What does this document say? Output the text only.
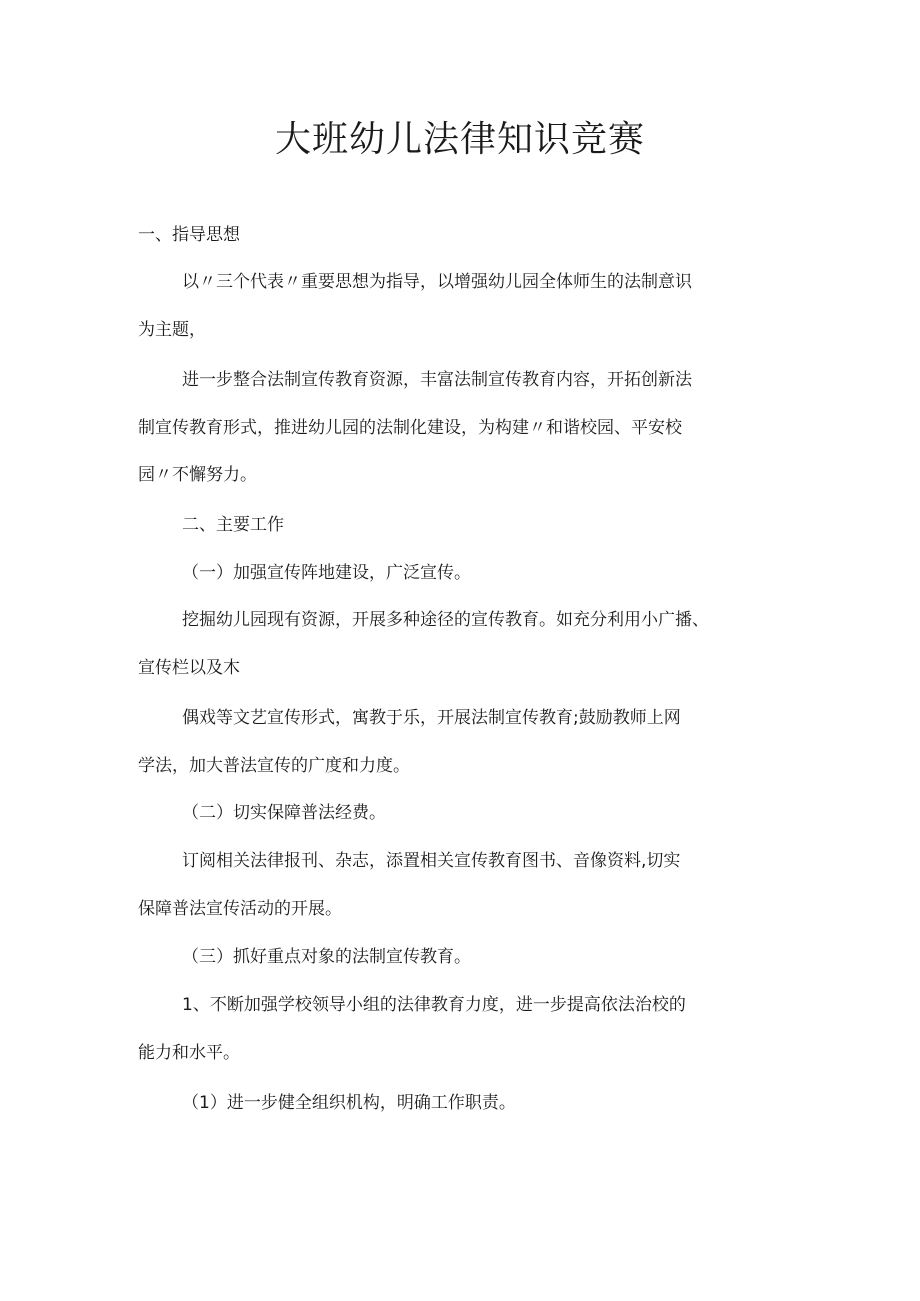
大班幼儿法律知识竞赛

一、指导思想

以〃三个代表〃重要思想为指导，以增强幼儿园全体师生的法制意识

为主题，

进一步整合法制宣传教育资源，丰富法制宣传教育内容，开拓创新法

制宣传教育形式，推进幼儿园的法制化建设，为构建〃和谐校园、平安校

园〃不懈努力。

二、主要工作

（一）加强宣传阵地建设，广泛宣传。

挖掘幼儿园现有资源，开展多种途径的宣传教育。如充分利用小广播、

宣传栏以及木

偶戏等文艺宣传形式，寓教于乐，开展法制宣传教育;鼓励教师上网

学法，加大普法宣传的广度和力度。

（二）切实保障普法经费。

订阅相关法律报刊、杂志，添置相关宣传教育图书、音像资料,切实

保障普法宣传活动的开展。

（三）抓好重点对象的法制宣传教育。

1、不断加强学校领导小组的法律教育力度，进一步提高依法治校的

能力和水平。

（1）进一步健全组织机构，明确工作职责。
